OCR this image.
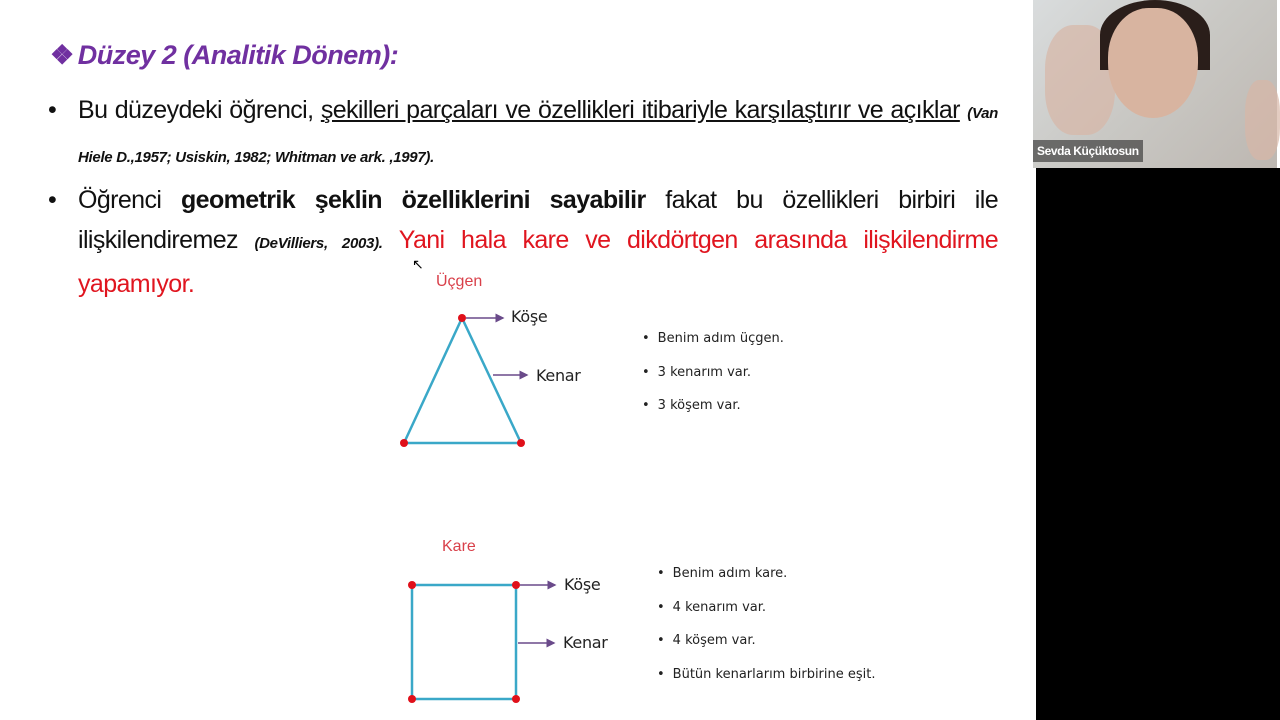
❖ Düzey 2 (Analitik Dönem):
• Bu düzeydeki öğrenci, şekilleri parçaları ve özellikleri itibariyle karşılaştırır ve açıklar (Van Hiele D.,1957; Usiskin, 1982; Whitman ve ark. ,1997).
• Öğrenci geometrik şeklin özelliklerini sayabilir fakat bu özellikleri birbiri ile ilişkilendiremez (DeVilliers, 2003). Yani hala kare ve dikdörtgen arasında ilişkilendirme yapamıyor.
↖
Üçgen
Köşe
Kenar
• Benim adım üçgen.
• 3 kenarım var.
• 3 köşem var.
Kare
Köşe
Kenar
• Benim adım kare.
• 4 kenarım var.
• 4 köşem var.
• Bütün kenarlarım birbirine eşit.
Sevda Küçüktosun
